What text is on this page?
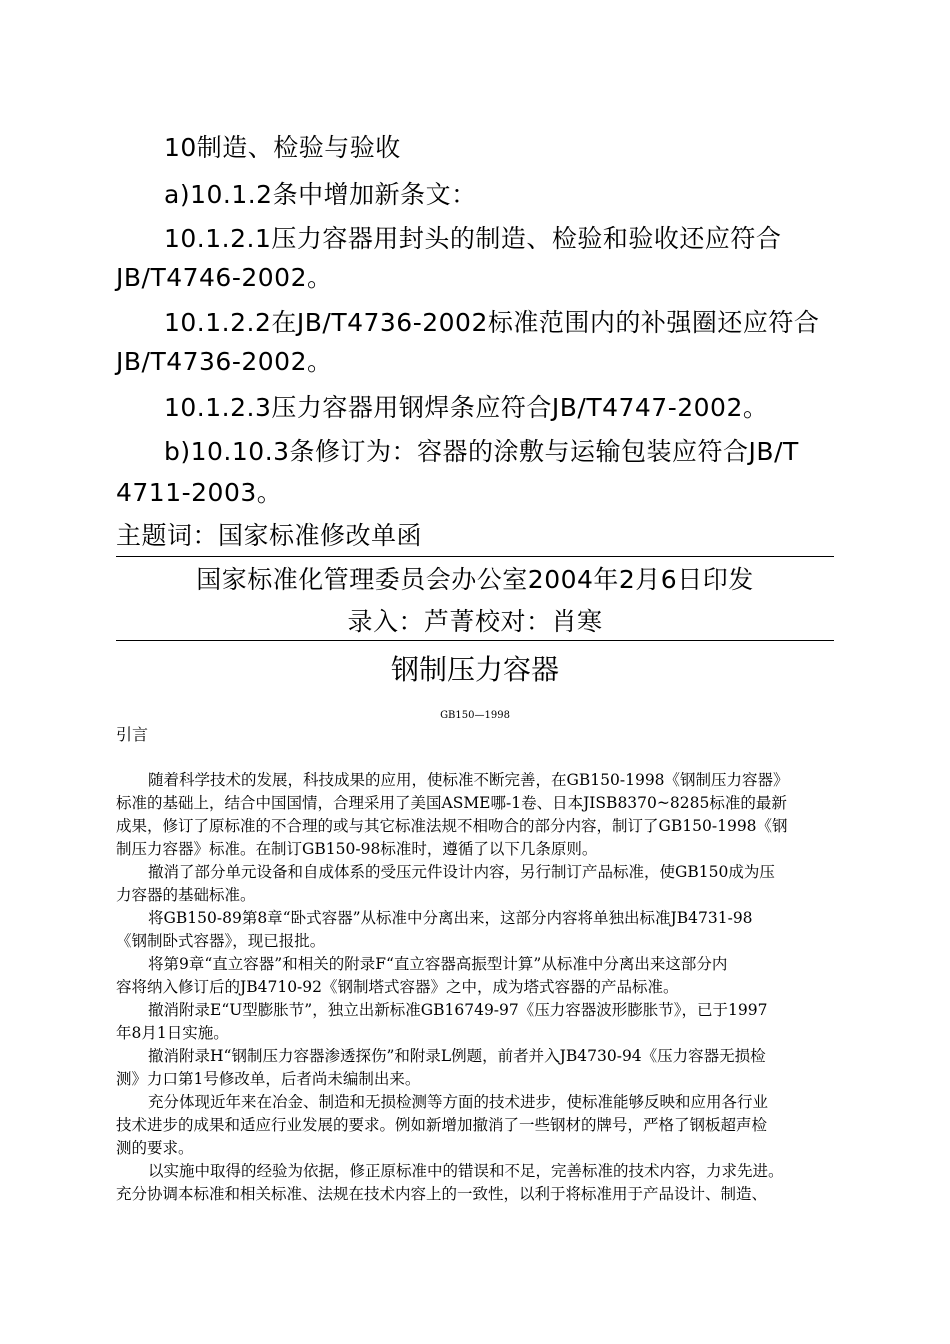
10制造、检验与验收
a)10.1.2条中增加新条文：
10.1.2.1压力容器用封头的制造、检验和验收还应符合
JB/T4746-2002。
10.1.2.2在JB/T4736-2002标准范围内的补强圈还应符合
JB/T4736-2002。
10.1.2.3压力容器用钢焊条应符合JB/T4747-2002。
b)10.10.3条修订为：容器的涂敷与运输包装应符合JB/T
4711-2003。
主题词：国家标准修改单函
国家标准化管理委员会办公室2004年2月6日印发
录入：芦菁校对：肖寒
钢制压力容器
GB150—1998
引言
随着科学技术的发展，科技成果的应用，使标准不断完善，在GB150-1998《钢制压力容器》
标准的基础上，结合中国国情，合理采用了美国ASME哪-1卷、日本JISB8370~8285标准的最新
成果，修订了原标准的不合理的或与其它标准法规不相吻合的部分内容，制订了GB150-1998《钢
制压力容器》标准。在制订GB150-98标准时，遵循了以下几条原则。
撤消了部分单元设备和自成体系的受压元件设计内容，另行制订产品标准，使GB150成为压
力容器的基础标准。
将GB150-89第8章“卧式容器”从标准中分离出来，这部分内容将单独出标准JB4731-98
《钢制卧式容器》，现已报批。
将第9章“直立容器”和相关的附录F“直立容器高振型计算”从标准中分离出来这部分内
容将纳入修订后的JB4710-92《钢制塔式容器》之中，成为塔式容器的产品标准。
撤消附录E“U型膨胀节”，独立出新标准GB16749-97《压力容器波形膨胀节》，已于1997
年8月1日实施。
撤消附录H“钢制压力容器渗透探伤”和附录L例题，前者并入JB4730-94《压力容器无损检
测》力口第1号修改单，后者尚未编制出来。
充分体现近年来在冶金、制造和无损检测等方面的技术进步，使标准能够反映和应用各行业
技术进步的成果和适应行业发展的要求。例如新增加撤消了一些钢材的牌号，严格了钢板超声检
测的要求。
以实施中取得的经验为依据，修正原标准中的错误和不足，完善标准的技术内容，力求先进。
充分协调本标准和相关标准、法规在技术内容上的一致性，以利于将标准用于产品设计、制造、
